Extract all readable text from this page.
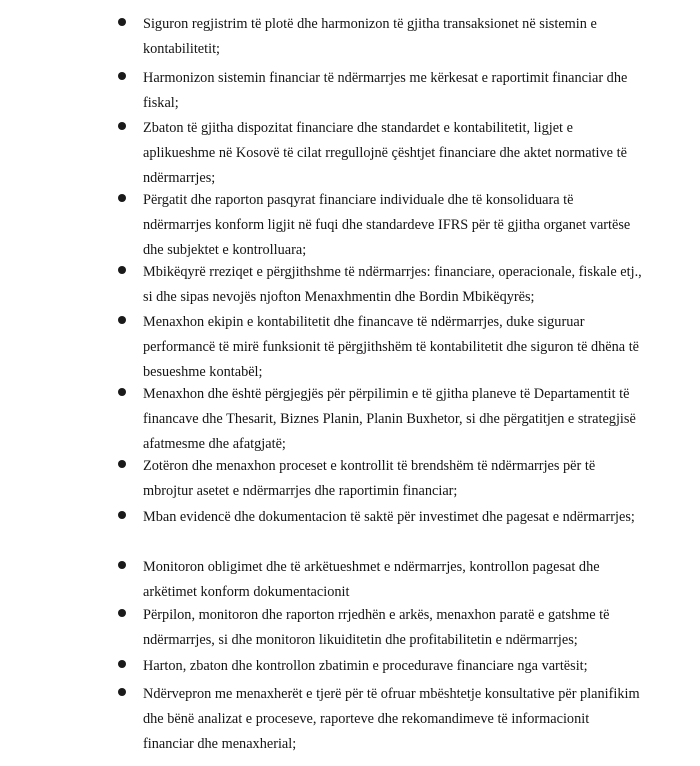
Siguron regjistrim të plotë dhe harmonizon të gjitha transaksionet në sistemin e kontabilitetit;

Harmonizon sistemin financiar të ndërmarrjes me kërkesat e raportimit financiar dhe fiskal;

Zbaton të gjitha dispozitat financiare dhe standardet e kontabilitetit, ligjet e aplikueshme në Kosovë të cilat rregullojnë çështjet financiare dhe aktet normative të ndërmarrjes;

Përgatit dhe raporton pasqyrat financiare individuale dhe të konsoliduara të ndërmarrjes konform ligjit në fuqi dhe standardeve IFRS për të gjitha organet vartëse dhe subjektet e kontrolluara;

Mbikëqyrë rreziqet e përgjithshme të ndërmarrjes: financiare, operacionale, fiskale etj., si dhe sipas nevojës njofton Menaxhmentin dhe Bordin Mbikëqyrës;

Menaxhon ekipin e kontabilitetit dhe financave të ndërmarrjes, duke siguruar performancë të mirë funksionit të përgjithshëm të kontabilitetit dhe siguron të dhëna të besueshme kontabël;

Menaxhon dhe është përgjegjës për përpilimin e të gjitha planeve të Departamentit të financave dhe Thesarit, Biznes Planin, Planin Buxhetor, si dhe përgatitjen e strategjisë afatmesme dhe afatgjatë;

Zotëron dhe menaxhon proceset e kontrollit të brendshëm të ndërmarrjes për të mbrojtur asetet e ndërmarrjes dhe raportimin financiar;

Mban evidencë dhe dokumentacion të saktë për investimet dhe pagesat e ndërmarrjes;

Monitoron obligimet dhe të arkëtueshmet e ndërmarrjes, kontrollon pagesat dhe arkëtimet konform dokumentacionit

Përpilon, monitoron dhe raporton rrjedhën e arkës, menaxhon paratë e gatshme të ndërmarrjes, si dhe monitoron likuiditetin dhe profitabilitetin e ndërmarrjes;

Harton, zbaton dhe kontrollon zbatimin e procedurave financiare nga vartësit;

Ndërvepron me menaxherët e tjerë për të ofruar mbështetje konsultative për planifikim dhe bënë analizat e proceseve, raporteve dhe rekomandimeve të informacionit financiar dhe menaxherial;
